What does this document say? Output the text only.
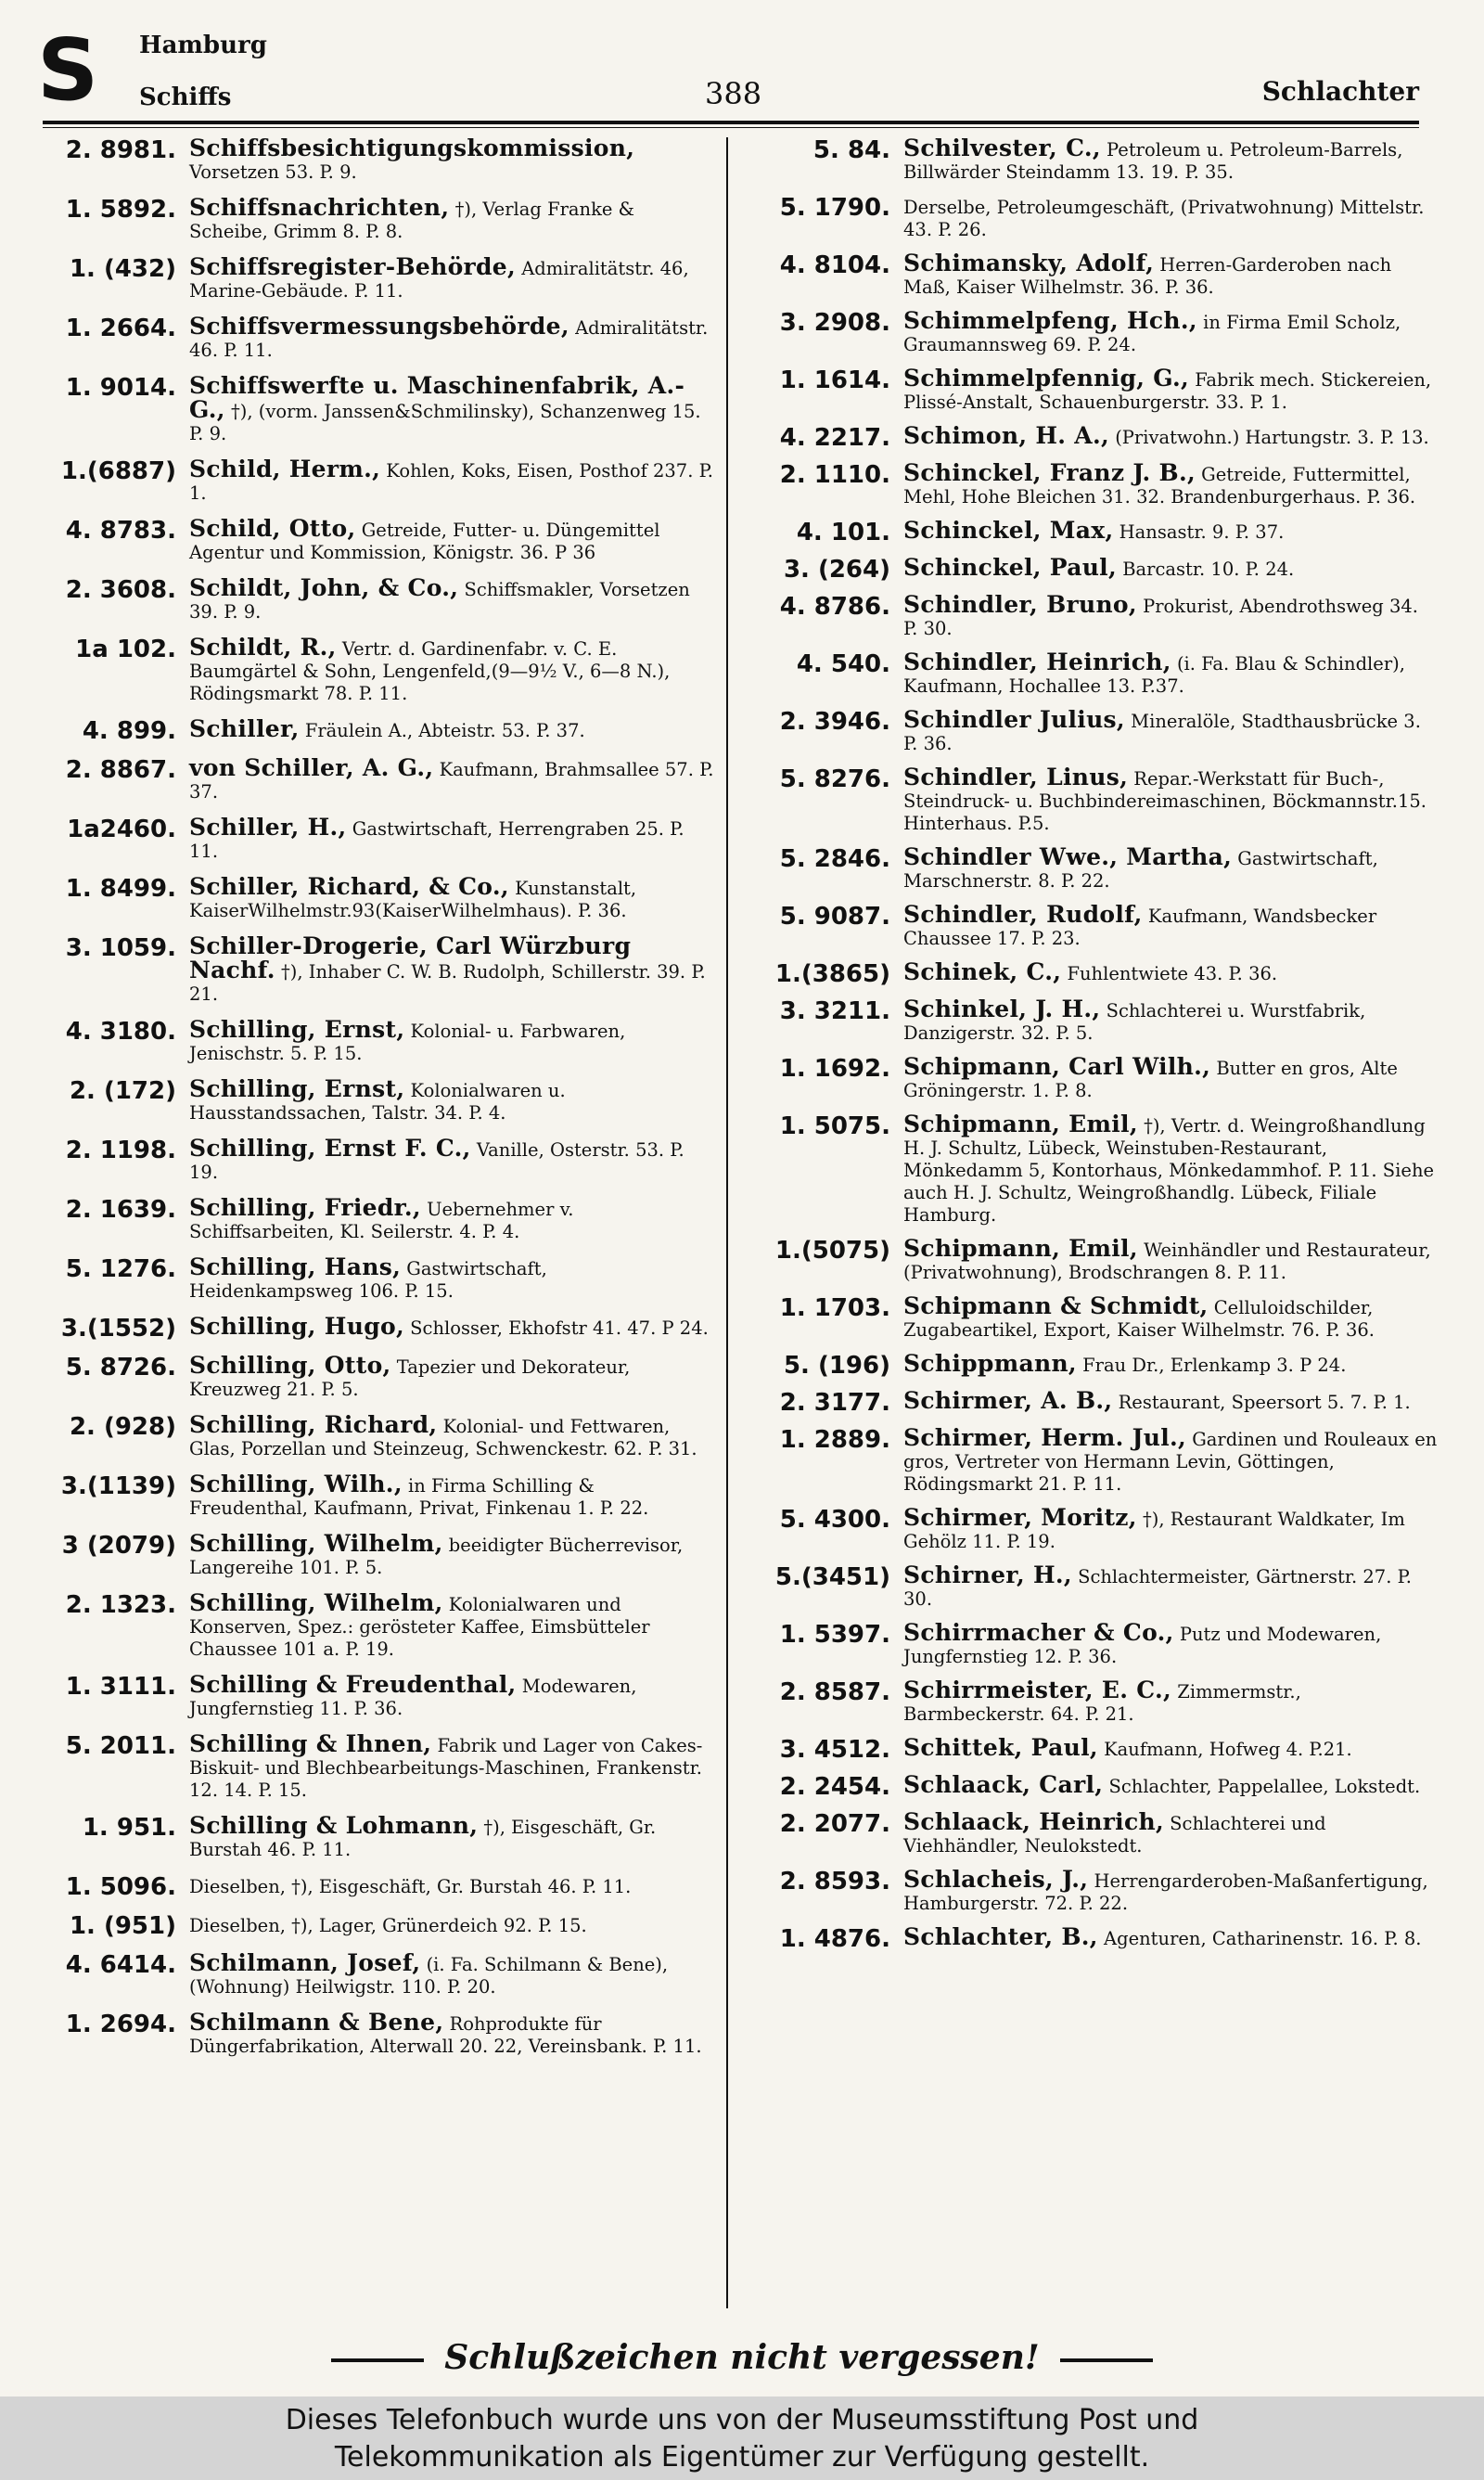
S Hamburg
Schiffs	388	Schlachter
2. 8981. Schiffsbesichtigungskommission, Vorsetzen 53. P. 9.
1. 5892. Schiffsnachrichten, †), Verlag Franke & Scheibe, Grimm 8. P. 8.
1. (432) Schiffsregister-Behörde, Admiralitätstr. 46, Marine-Gebäude. P. 11.
1. 2664. Schiffsvermessungsbehörde, Admiralitätstr. 46. P. 11.
1. 9014. Schiffswerfte u. Maschinenfabrik, A.-G., †), (vorm. Janssen&Schmilinsky), Schanzenweg 15. P. 9.
1.(6887) Schild, Herm., Kohlen, Koks, Eisen, Posthof 237. P. 1.
4. 8783. Schild, Otto, Getreide, Futter- u. Düngemittel Agentur und Kommission, Königstr. 36. P 36
2. 3608. Schildt, John, & Co., Schiffsmakler, Vorsetzen 39. P. 9.
1a 102. Schildt, R., Vertr. d. Gardinenfabr. v. C. E. Baumgärtel & Sohn, Lengenfeld,(9—9½ V., 6—8 N.), Rödingsmarkt 78. P. 11.
4. 899. Schiller, Fräulein A., Abteistr. 53. P. 37.
2. 8867. von Schiller, A. G., Kaufmann, Brahmsallee 57. P. 37.
1a2460. Schiller, H., Gastwirtschaft, Herrengraben 25. P. 11.
1. 8499. Schiller, Richard, & Co., Kunstanstalt, KaiserWilhelmstr.93(KaiserWilhelmhaus). P. 36.
3. 1059. Schiller-Drogerie, Carl Würzburg Nachf. †), Inhaber C. W. B. Rudolph, Schillerstr. 39. P. 21.
4. 3180. Schilling, Ernst, Kolonial- u. Farbwaren, Jenischstr. 5. P. 15.
2. (172) Schilling, Ernst, Kolonialwaren u. Hausstandssachen, Talstr. 34. P. 4.
2. 1198. Schilling, Ernst F. C., Vanille, Osterstr. 53. P. 19.
2. 1639. Schilling, Friedr., Uebernehmer v. Schiffsarbeiten, Kl. Seilerstr. 4. P. 4.
5. 1276. Schilling, Hans, Gastwirtschaft, Heidenkampsweg 106. P. 15.
3.(1552) Schilling, Hugo, Schlosser, Ekhofstr 41. 47. P 24.
5. 8726. Schilling, Otto, Tapezier und Dekorateur, Kreuzweg 21. P. 5.
2. (928) Schilling, Richard, Kolonial- und Fettwaren, Glas, Porzellan und Steinzeug, Schwenckestr. 62. P. 31.
3.(1139) Schilling, Wilh., in Firma Schilling & Freudenthal, Kaufmann, Privat, Finkenau 1. P. 22.
3 (2079) Schilling, Wilhelm, beeidigter Bücherrevisor, Langereihe 101. P. 5.
2. 1323. Schilling, Wilhelm, Kolonialwaren und Konserven, Spez.: gerösteter Kaffee, Eimsbütteler Chaussee 101 a. P. 19.
1. 3111. Schilling & Freudenthal, Modewaren, Jungfernstieg 11. P. 36.
5. 2011. Schilling & Ihnen, Fabrik und Lager von Cakes-Biskuit- und Blechbearbeitungs-Maschinen, Frankenstr. 12. 14. P. 15.
1. 951. Schilling & Lohmann, †), Eisgeschäft, Gr. Burstah 46. P. 11.
1. 5096. Dieselben, †), Eisgeschäft, Gr. Burstah 46. P. 11.
1. (951) Dieselben, †), Lager, Grünerdeich 92. P. 15.
4. 6414. Schilmann, Josef, (i. Fa. Schilmann & Bene), (Wohnung) Heilwigstr. 110. P. 20.
1. 2694. Schilmann & Bene, Rohprodukte für Düngerfabrikation, Alterwall 20. 22, Vereinsbank. P. 11.
5. 84. Schilvester, C., Petroleum u. Petroleum-Barrels, Billwärder Steindamm 13. 19. P. 35.
5. 1790. Derselbe, Petroleumgeschäft, (Privatwohnung) Mittelstr. 43. P. 26.
4. 8104. Schimansky, Adolf, Herren-Garderoben nach Maß, Kaiser Wilhelmstr. 36. P. 36.
3. 2908. Schimmelpfeng, Hch., in Firma Emil Scholz, Graumannsweg 69. P. 24.
1. 1614. Schimmelpfennig, G., Fabrik mech. Stickereien, Plissé-Anstalt, Schauenburgerstr. 33. P. 1.
4. 2217. Schimon, H. A., (Privatwohn.) Hartungstr. 3. P. 13.
2. 1110. Schinckel, Franz J. B., Getreide, Futtermittel, Mehl, Hohe Bleichen 31. 32. Brandenburgerhaus. P. 36.
4. 101. Schinckel, Max, Hansastr. 9. P. 37.
3. (264) Schinckel, Paul, Barcastr. 10. P. 24.
4. 8786. Schindler, Bruno, Prokurist, Abendrothsweg 34. P. 30.
4. 540. Schindler, Heinrich, (i. Fa. Blau & Schindler), Kaufmann, Hochallee 13. P.37.
2. 3946. Schindler Julius, Mineralöle, Stadthausbrücke 3. P. 36.
5. 8276. Schindler, Linus, Repar.-Werkstatt für Buch-, Steindruck- u. Buchbindereimaschinen, Böckmannstr.15. Hinterhaus. P.5.
5. 2846. Schindler Wwe., Martha, Gastwirtschaft, Marschnerstr. 8. P. 22.
5. 9087. Schindler, Rudolf, Kaufmann, Wandsbecker Chaussee 17. P. 23.
1.(3865) Schinek, C., Fuhlentwiete 43. P. 36.
3. 3211. Schinkel, J. H., Schlachterei u. Wurstfabrik, Danzigerstr. 32. P. 5.
1. 1692. Schipmann, Carl Wilh., Butter en gros, Alte Gröningerstr. 1. P. 8.
1. 5075. Schipmann, Emil, †), Vertr. d. Weingroßhandlung H. J. Schultz, Lübeck, Weinstuben-Restaurant, Mönkedamm 5, Kontorhaus, Mönkedammhof. P. 11. Siehe auch H. J. Schultz, Weingroßhandlg. Lübeck, Filiale Hamburg.
1.(5075) Schipmann, Emil, Weinhändler und Restaurateur, (Privatwohnung), Brodschrangen 8. P. 11.
1. 1703. Schipmann & Schmidt, Celluloidschilder, Zugabeartikel, Export, Kaiser Wilhelmstr. 76. P. 36.
5. (196) Schippmann, Frau Dr., Erlenkamp 3. P 24.
2. 3177. Schirmer, A. B., Restaurant, Speersort 5. 7. P. 1.
1. 2889. Schirmer, Herm. Jul., Gardinen und Rouleaux en gros, Vertreter von Hermann Levin, Göttingen, Rödingsmarkt 21. P. 11.
5. 4300. Schirmer, Moritz, †), Restaurant Waldkater, Im Gehölz 11. P. 19.
5.(3451) Schirner, H., Schlachtermeister, Gärtnerstr. 27. P. 30.
1. 5397. Schirrmacher & Co., Putz und Modewaren, Jungfernstieg 12. P. 36.
2. 8587. Schirrmeister, E. C., Zimmermstr., Barmbeckerstr. 64. P. 21.
3. 4512. Schittek, Paul, Kaufmann, Hofweg 4. P.21.
2. 2454. Schlaack, Carl, Schlachter, Pappelallee, Lokstedt.
2. 2077. Schlaack, Heinrich, Schlachterei und Viehhändler, Neulokstedt.
2. 8593. Schlacheis, J., Herrengarderoben-Maßanfertigung, Hamburgerstr. 72. P. 22.
1. 4876. Schlachter, B., Agenturen, Catharinenstr. 16. P. 8.
Schlußzeichen nicht vergessen!
Dieses Telefonbuch wurde uns von der Museumsstiftung Post und
Telekommunikation als Eigentümer zur Verfügung gestellt.
